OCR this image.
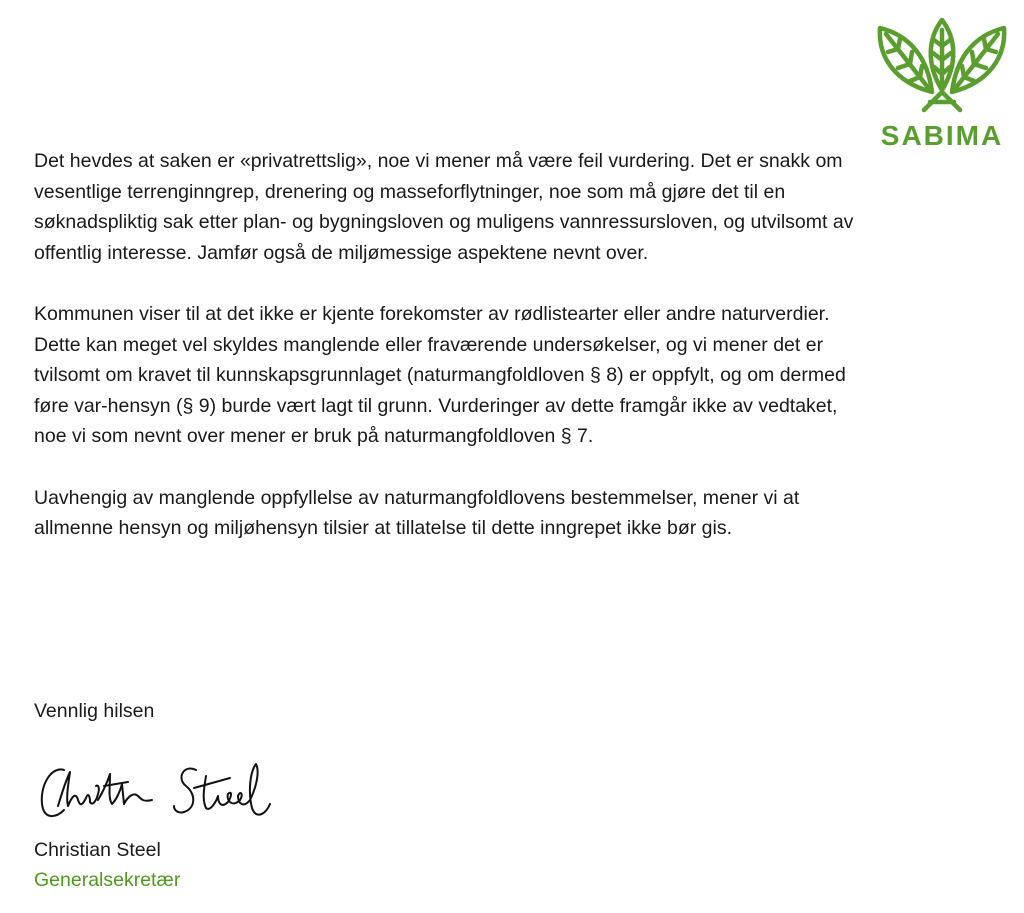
SABIMA

Det hevdes at saken er «privatrettslig», noe vi mener må være feil vurdering. Det er snakk om vesentlige terrenginngrep, drenering og masseforflytninger, noe som må gjøre det til en søknadspliktig sak etter plan- og bygningsloven og muligens vannressursloven, og utvilsomt av offentlig interesse. Jamfør også de miljømessige aspektene nevnt over.

Kommunen viser til at det ikke er kjente forekomster av rødlistearter eller andre naturverdier. Dette kan meget vel skyldes manglende eller fraværende undersøkelser, og vi mener det er tvilsomt om kravet til kunnskapsgrunnlaget (naturmangfoldloven § 8) er oppfylt, og om dermed føre var-hensyn (§ 9) burde vært lagt til grunn. Vurderinger av dette framgår ikke av vedtaket, noe vi som nevnt over mener er bruk på naturmangfoldloven § 7.

Uavhengig av manglende oppfyllelse av naturmangfoldlovens bestemmelser, mener vi at allmenne hensyn og miljøhensyn tilsier at tillatelse til dette inngrepet ikke bør gis.

Vennlig hilsen
Christian Steel
Generalsekretær
